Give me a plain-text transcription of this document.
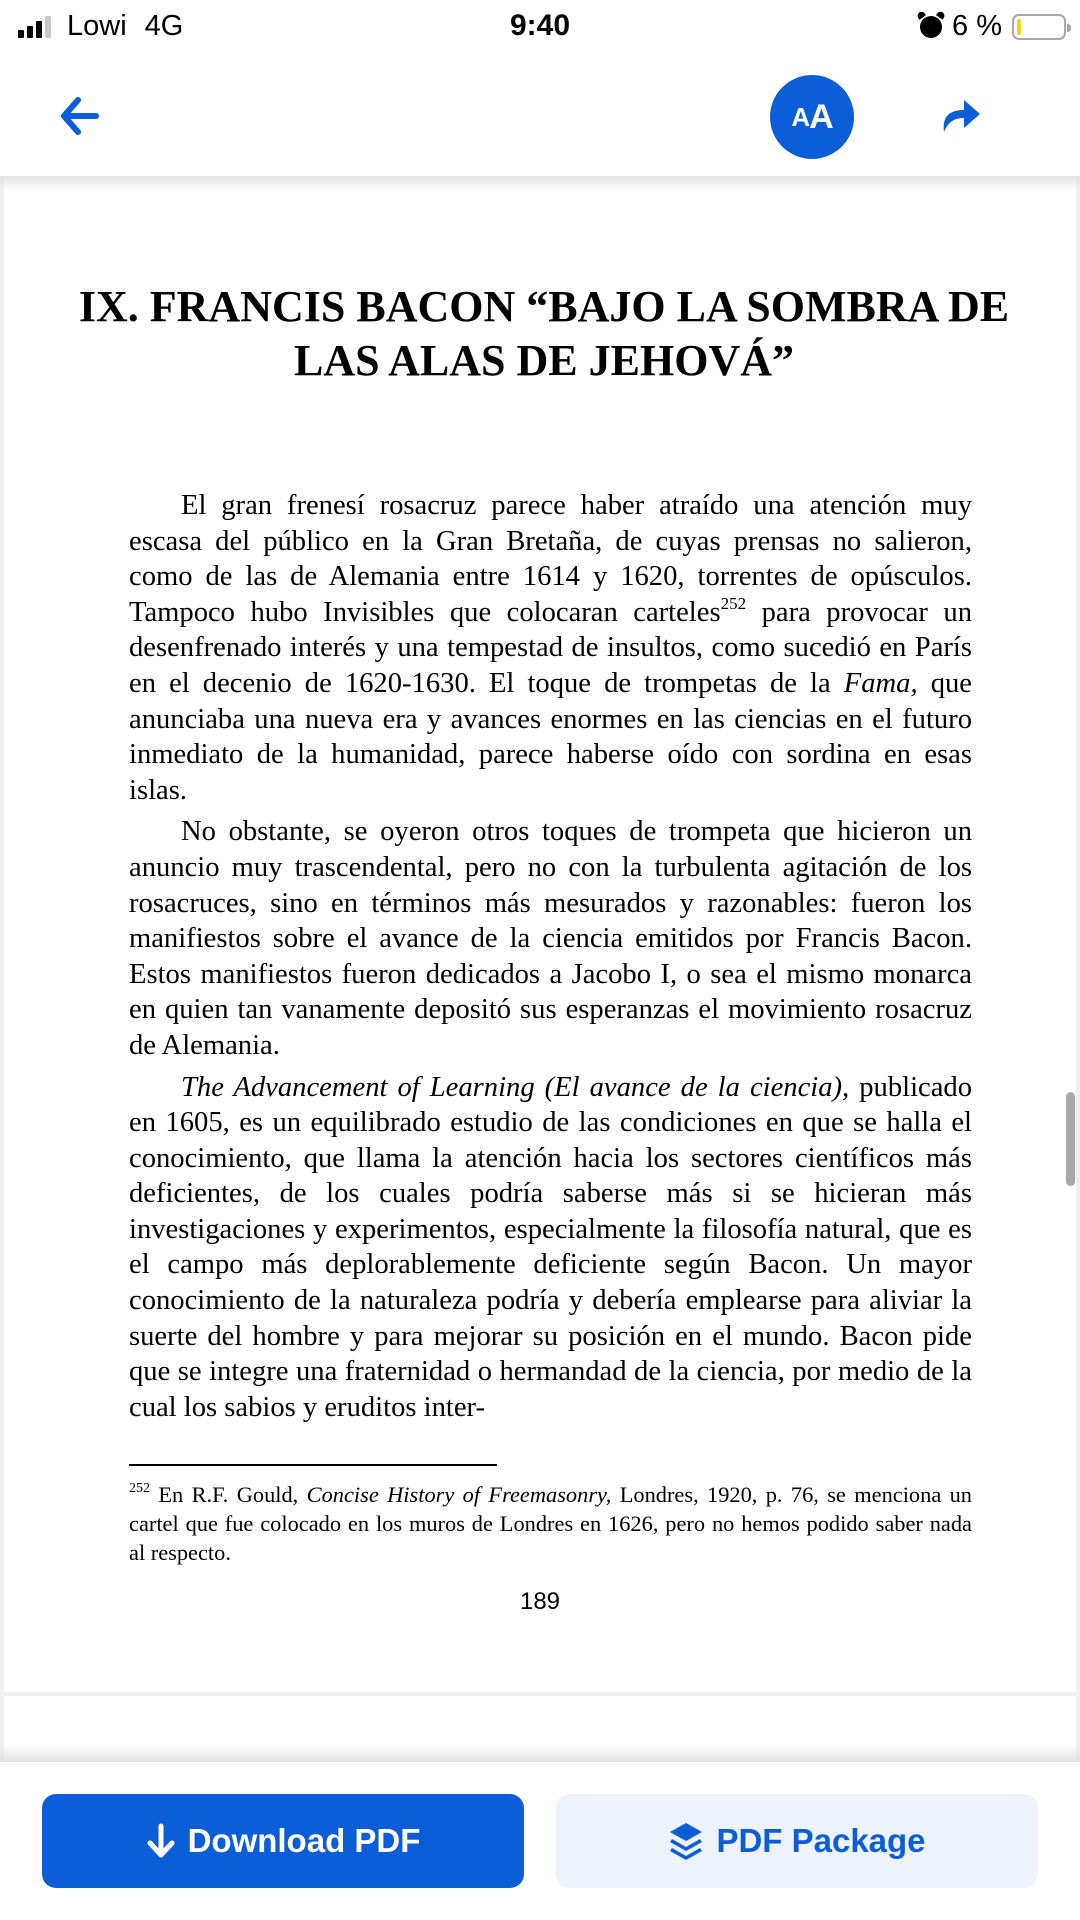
Lowi 4G	9:40	6 %
A A
IX. FRANCIS BACON “BAJO LA SOMBRA DE LAS ALAS DE JEHOVÁ”

El gran frenesí rosacruz parece haber atraído una atención muy escasa del público en la Gran Bretaña, de cuyas prensas no salieron, como de las de Alemania entre 1614 y 1620, torrentes de opúsculos. Tampoco hubo Invisibles que colocaran carteles$^{252}$ para provocar un desenfrenado interés y una tempestad de insultos, como sucedió en París en el decenio de 1620-1630. El toque de trompetas de la Fama, que anunciaba una nueva era y avances enormes en las ciencias en el futuro inmediato de la humanidad, parece haberse oído con sordina en esas islas.

No obstante, se oyeron otros toques de trompeta que hicieron un anuncio muy trascendental, pero no con la turbulenta agitación de los rosacruces, sino en términos más mesurados y razonables: fueron los manifiestos sobre el avance de la ciencia emitidos por Francis Bacon. Estos manifiestos fueron dedicados a Jacobo I, o sea el mismo monarca en quien tan vanamente depositó sus esperanzas el movimiento rosacruz de Alemania.

The Advancement of Learning (El avance de la ciencia), publicado en 1605, es un equilibrado estudio de las condiciones en que se halla el conocimiento, que llama la atención hacia los sectores científicos más deficientes, de los cuales podría saberse más si se hicieran más investigaciones y experimentos, especialmente la filosofía natural, que es el campo más deplorablemente deficiente según Bacon. Un mayor conocimiento de la naturaleza podría y debería emplearse para aliviar la suerte del hombre y para mejorar su posición en el mundo. Bacon pide que se integre una fraternidad o hermandad de la ciencia, por medio de la cual los sabios y eruditos inter-

$^{252}$ En R.F. Gould, Concise History of Freemasonry, Londres, 1920, p. 76, se menciona un cartel que fue colocado en los muros de Londres en 1626, pero no hemos podido saber nada al respecto.
189
Download PDF	PDF Package
